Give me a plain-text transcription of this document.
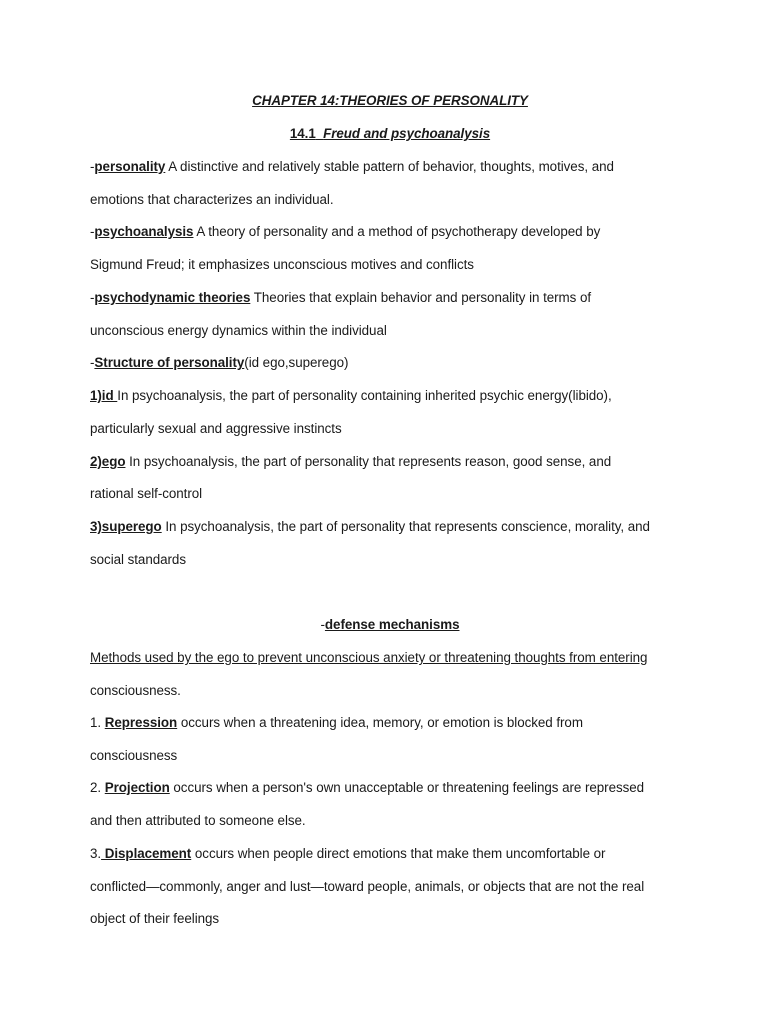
CHAPTER 14:THEORIES OF PERSONALITY
14.1 Freud and psychoanalysis
-personality A distinctive and relatively stable pattern of behavior, thoughts, motives, and
emotions that characterizes an individual.
-psychoanalysis A theory of personality and a method of psychotherapy developed by
Sigmund Freud; it emphasizes unconscious motives and conflicts
-psychodynamic theories Theories that explain behavior and personality in terms of
unconscious energy dynamics within the individual
-Structure of personality(id ego,superego)
1)id In psychoanalysis, the part of personality containing inherited psychic energy(libido),
particularly sexual and aggressive instincts
2)ego In psychoanalysis, the part of personality that represents reason, good sense, and
rational self-control
3)superego In psychoanalysis, the part of personality that represents conscience, morality, and
social standards
-defense mechanisms
Methods used by the ego to prevent unconscious anxiety or threatening thoughts from entering
consciousness.
1. Repression occurs when a threatening idea, memory, or emotion is blocked from
consciousness
2. Projection occurs when a person's own unacceptable or threatening feelings are repressed
and then attributed to someone else.
3. Displacement occurs when people direct emotions that make them uncomfortable or
conflicted—commonly, anger and lust—toward people, animals, or objects that are not the real
object of their feelings
